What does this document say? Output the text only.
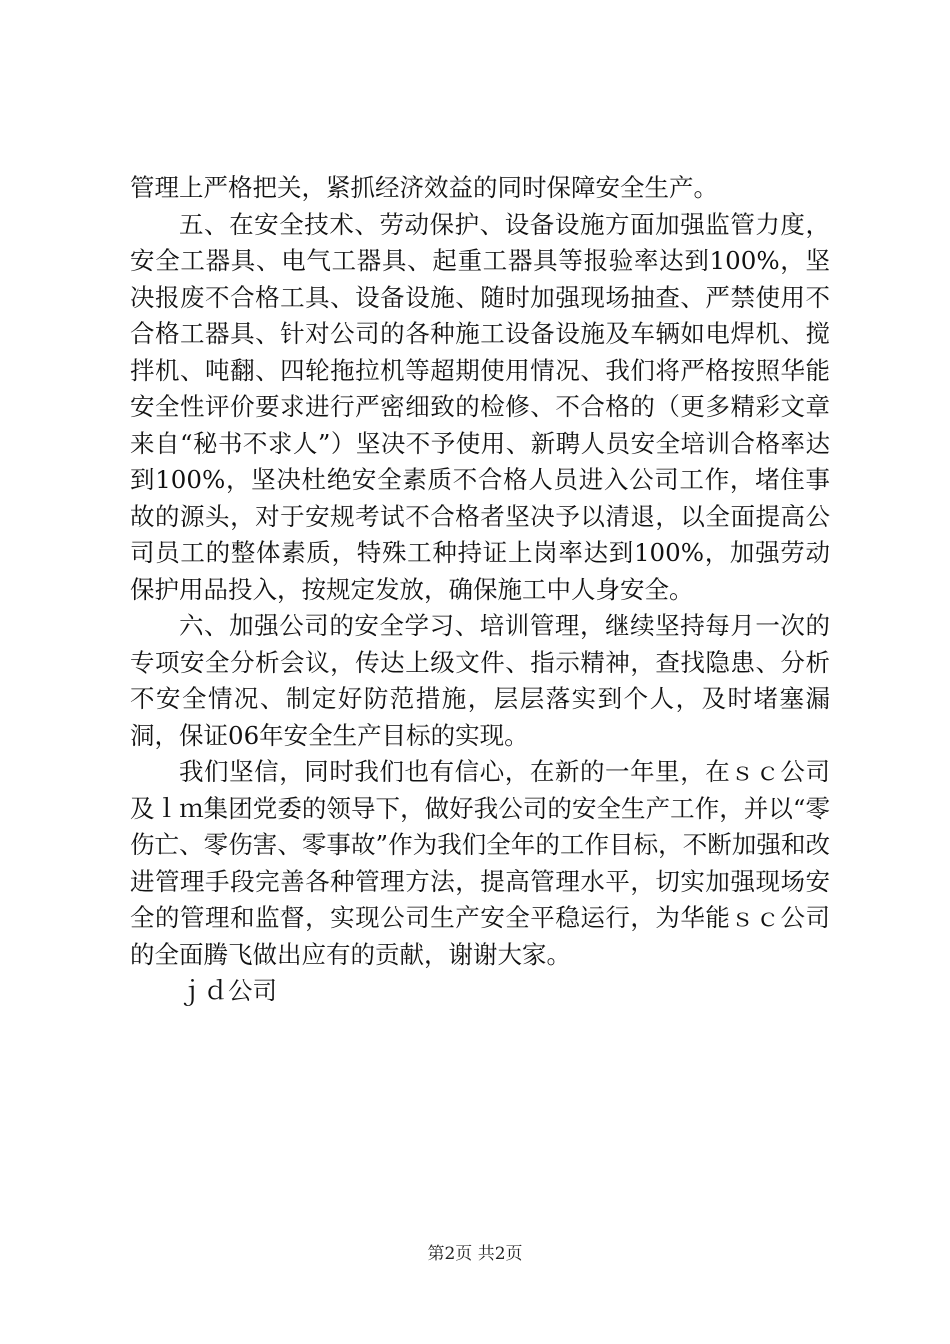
管理上严格把关，紧抓经济效益的同时保障安全生产。

五、在安全技术、劳动保护、设备设施方面加强监管力度，安全工器具、电气工器具、起重工器具等报验率达到100%，坚决报废不合格工具、设备设施、随时加强现场抽查、严禁使用不合格工器具、针对公司的各种施工设备设施及车辆如电焊机、搅拌机、吨翻、四轮拖拉机等超期使用情况、我们将严格按照华能安全性评价要求进行严密细致的检修、不合格的（更多精彩文章来自“秘书不求人”）坚决不予使用、新聘人员安全培训合格率达到100%，坚决杜绝安全素质不合格人员进入公司工作，堵住事故的源头，对于安规考试不合格者坚决予以清退，以全面提高公司员工的整体素质，特殊工种持证上岗率达到100%，加强劳动保护用品投入，按规定发放，确保施工中人身安全。

六、加强公司的安全学习、培训管理，继续坚持每月一次的专项安全分析会议，传达上级文件、指示精神，查找隐患、分析不安全情况、制定好防范措施，层层落实到个人，及时堵塞漏洞，保证06年安全生产目标的实现。

我们坚信，同时我们也有信心，在新的一年里，在ｓｃ公司及ｌｍ集团党委的领导下，做好我公司的安全生产工作，并以“零伤亡、零伤害、零事故”作为我们全年的工作目标，不断加强和改进管理手段完善各种管理方法，提高管理水平，切实加强现场安全的管理和监督，实现公司生产安全平稳运行，为华能ｓｃ公司的全面腾飞做出应有的贡献，谢谢大家。

ｊｄ公司

第2页 共2页
